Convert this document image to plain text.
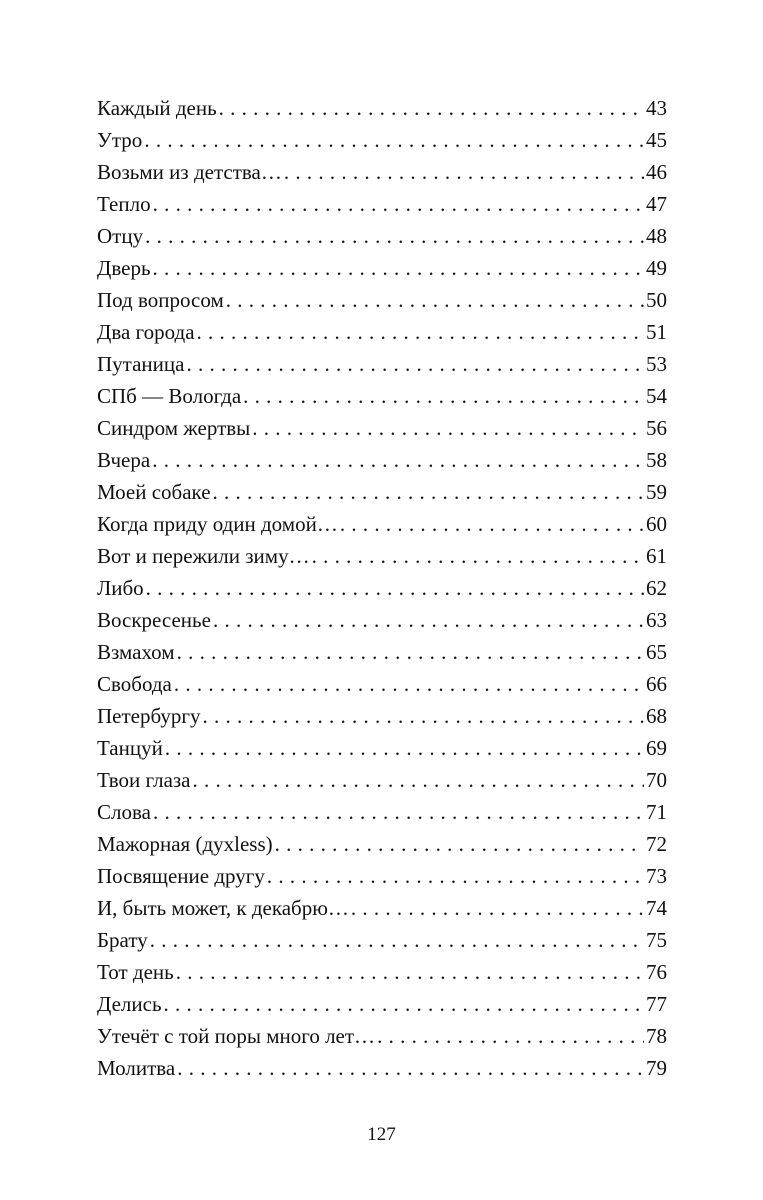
Каждый день . . .	43
Утро . . .	45
Возьми из детства… . . .	46
Тепло . . .	47
Отцу . . .	48
Дверь . . .	49
Под вопросом . . .	50
Два города . . .	51
Путаница . . .	53
СПб — Вологда . . .	54
Синдром жертвы . . .	56
Вчера . . .	58
Моей собаке . . .	59
Когда приду один домой… . . .	60
Вот и пережили зиму… . . .	61
Либо . . .	62
Воскресенье . . .	63
Взмахом . . .	65
Свобода . . .	66
Петербургу . . .	68
Танцуй . . .	69
Твои глаза . . .	70
Слова . . .	71
Мажорная (духless) . . .	72
Посвящение другу . . .	73
И, быть может, к декабрю… . . .	74
Брату . . .	75
Тот день . . .	76
Делись . . .	77
Утечёт с той поры много лет… . . .	78
Молитва . . .	79
127
